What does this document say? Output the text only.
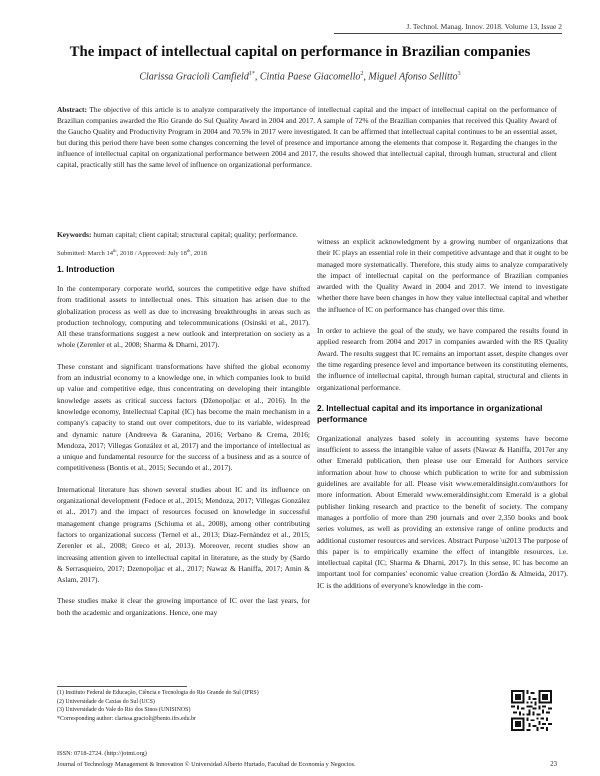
J. Technol. Manag. Innov. 2018. Volume 13, Issue 2
The impact of intellectual capital on performance in Brazilian companies
Clarissa Gracioli Camfield$^{1*}$, Cintia Paese Giacomello$^2$, Miguel Afonso Sellitto$^3$
Abstract: The objective of this article is to analyze comparatively the importance of intellectual capital and the impact of intellectual capital on the performance of Brazilian companies awarded the Rio Grande do Sul Quality Award in 2004 and 2017. A sample of 72% of the Brazilian companies that received this Quality Award of the Gaucho Quality and Productivity Program in 2004 and 70.5% in 2017 were investigated. It can be affirmed that intellectual capital continues to be an essential asset, but during this period there have been some changes concerning the level of presence and importance among the elements that compose it. Regarding the changes in the influence of intellectual capital on organizational performance between 2004 and 2017, the results showed that intellectual capital, through human, structural and client capital, practically still has the same level of influence on organizational performance.
Keywords: human capital; client capital; structural capital; quality; performance.
Submitted: March 14th, 2018 / Approved: July 18th, 2018
1. Introduction

In the contemporary corporate world, sources the competitive edge have shifted from traditional assets to intellectual ones. This situation has arisen due to the globalization process as well as due to increasing breakthroughs in areas such as production technology, computing and telecommunications (Osinski et al., 2017). All these transformations suggest a new outlook and interpretation on society as a whole (Zerenler et al., 2008; Sharma & Dharni, 2017).

These constant and significant transformations have shifted the global economy from an industrial economy to a knowledge one, in which companies look to build up value and competitive edge, thus concentrating on developing their intangible knowledge assets as critical success factors (Dženopoljac et al., 2016). In the knowledge economy, Intellectual Capital (IC) has become the main mechanism in a company's capacity to stand out over competitors, due to its variable, widespread and dynamic nature (Andreeva & Garanina, 2016; Verbano & Crema, 2016; Mendoza, 2017; Villegas González et al, 2017) and the importance of intellectual as a unique and fundamental resource for the success of a business and as a source of competitiveness (Bontis et al., 2015; Secundo et al., 2017).

International literature has shown several studies about IC and its influence on organizational development (Fedoce et al., 2015; Mendoza, 2017; Villegas González et al., 2017) and the impact of resources focused on knowledge in successful management change programs (Schiuma et al., 2008), among other contributing factors to organizational success (Ternel et al., 2013; Diaz-Fernández et al., 2015; Zerenler et al., 2008; Greco et al, 2013). Moreover, recent studies show an increasing attention given to intellectual capital in literature, as the study by (Sardo & Serrasqueiro, 2017; Dzenopoljac et al., 2017; Nawaz & Haniffa, 2017; Amin & Aslam, 2017).

These studies make it clear the growing importance of IC over the last years, for both the academic and organizations. Hence, one may

witness an explicit acknowledgment by a growing number of organizations that their IC plays an essential role in their competitive advantage and that it ought to be managed more systematically. Therefore, this study aims to analyze comparatively the impact of intellectual capital on the performance of Brazilian companies awarded with the Quality Award in 2004 and 2017. We intend to investigate whether there have been changes in how they value intellectual capital and whether the influence of IC on performance has changed over this time.

In order to achieve the goal of the study, we have compared the results found in applied research from 2004 and 2017 in companies awarded with the RS Quality Award. The results suggest that IC remains an important asset, despite changes over the time regarding presence level and importance between its constituting elements, the influence of intellectual capital, through human capital, structural and clients in organizational performance.

2. Intellectual capital and its importance in organizational performance

Organizational analyzes based solely in accounting systems have become insufficient to assess the intangible value of assets (Nawaz & Haniffa, 2017er any other Emerald publication, then please use our Emerald for Authors service information about how to choose which publication to write for and submission guidelines are available for all. Please visit www.emeraldinsight.com/authors for more information. About Emerald www.emeraldinsight.com Emerald is a global publisher linking research and practice to the benefit of society. The company manages a portfolio of more than 290 journals and over 2,350 books and book series volumes, as well as providing an extensive range of online products and additional customer resources and services. Abstract Purpose \u2013 The purpose of this paper is to empirically examine the effect of intangible resources, i.e. intellectual capital (IC; Sharma & Dharni, 2017). In this sense, IC has become an important tool for companies' economic value creation (Jordão & Almeida, 2017). IC is the additions of everyone's knowledge in the com-

(1) Instituto Federal de Educação, Ciência e Tecnologia do Rio Grande do Sul (IFRS)
(2) Universidade de Caxias do Sul (UCS)
(3) Universidade do Vale do Rio dos Sinos (UNISINOS)
*Corresponding author: clarissa.gracioli@bento.ifrs.edu.br
ISSN: 0718-2724. (http://jotmi.org)
Journal of Technology Management & Innovation © Universidad Alberto Hurtado, Facultad de Economía y Negocios.	23
